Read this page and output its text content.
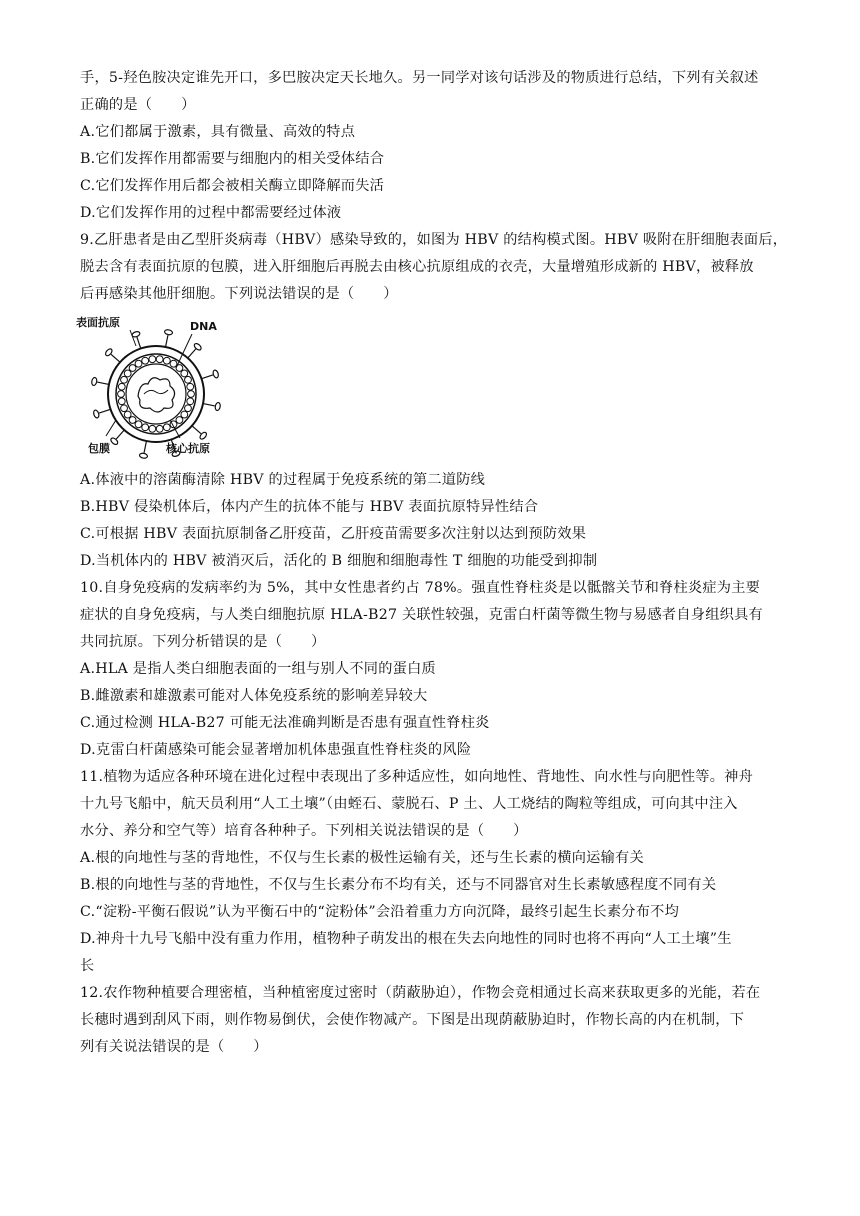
手，5-羟色胺决定谁先开口，多巴胺决定天长地久。另一同学对该句话涉及的物质进行总结，下列有关叙述
正确的是（　　）
A.它们都属于激素，具有微量、高效的特点
B.它们发挥作用都需要与细胞内的相关受体结合
C.它们发挥作用后都会被相关酶立即降解而失活
D.它们发挥作用的过程中都需要经过体液
9.乙肝患者是由乙型肝炎病毒（HBV）感染导致的，如图为 HBV 的结构模式图。HBV 吸附在肝细胞表面后，
脱去含有表面抗原的包膜，进入肝细胞后再脱去由核心抗原组成的衣壳，大量增殖形成新的 HBV，被释放
后再感染其他肝细胞。下列说法错误的是（　　）
表面抗原	DNA
包膜	核心抗原
A.体液中的溶菌酶清除 HBV 的过程属于免疫系统的第二道防线
B.HBV 侵染机体后，体内产生的抗体不能与 HBV 表面抗原特异性结合
C.可根据 HBV 表面抗原制备乙肝疫苗，乙肝疫苗需要多次注射以达到预防效果
D.当机体内的 HBV 被消灭后，活化的 B 细胞和细胞毒性 T 细胞的功能受到抑制
10.自身免疫病的发病率约为 5%，其中女性患者约占 78%。强直性脊柱炎是以骶髂关节和脊柱炎症为主要
症状的自身免疫病，与人类白细胞抗原 HLA-B27 关联性较强，克雷白杆菌等微生物与易感者自身组织具有
共同抗原。下列分析错误的是（　　）
A.HLA 是指人类白细胞表面的一组与别人不同的蛋白质
B.雌激素和雄激素可能对人体免疫系统的影响差异较大
C.通过检测 HLA-B27 可能无法准确判断是否患有强直性脊柱炎
D.克雷白杆菌感染可能会显著增加机体患强直性脊柱炎的风险
11.植物为适应各种环境在进化过程中表现出了多种适应性，如向地性、背地性、向水性与向肥性等。神舟
十九号飞船中，航天员利用“人工土壤”（由蛭石、蒙脱石、P 土、人工烧结的陶粒等组成，可向其中注入
水分、养分和空气等）培育各种种子。下列相关说法错误的是（　　）
A.根的向地性与茎的背地性，不仅与生长素的极性运输有关，还与生长素的横向运输有关
B.根的向地性与茎的背地性，不仅与生长素分布不均有关，还与不同器官对生长素敏感程度不同有关
C.“淀粉-平衡石假说”认为平衡石中的“淀粉体”会沿着重力方向沉降，最终引起生长素分布不均
D.神舟十九号飞船中没有重力作用，植物种子萌发出的根在失去向地性的同时也将不再向“人工土壤”生
长
12.农作物种植要合理密植，当种植密度过密时（荫蔽胁迫），作物会竞相通过长高来获取更多的光能，若在
长穗时遇到刮风下雨，则作物易倒伏，会使作物减产。下图是出现荫蔽胁迫时，作物长高的内在机制，下
列有关说法错误的是（　　）
